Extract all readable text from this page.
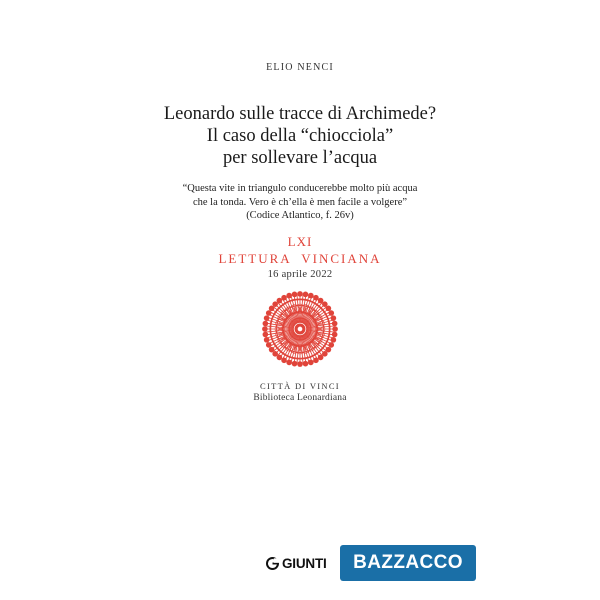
ELIO NENCI
Leonardo sulle tracce di Archimede?
Il caso della “chiocciola”
per sollevare l’acqua
“Questa vite in triangulo conducerebbe molto più acqua
che la tonda. Vero è ch’ella è men facile a volgere”
(Codice Atlantico, f. 26v)
LXI
LETTURA  VINCIANA
16 aprile 2022
CITTÀ DI VINCI
Biblioteca Leonardiana
GIUNTI	BAZZACCO
